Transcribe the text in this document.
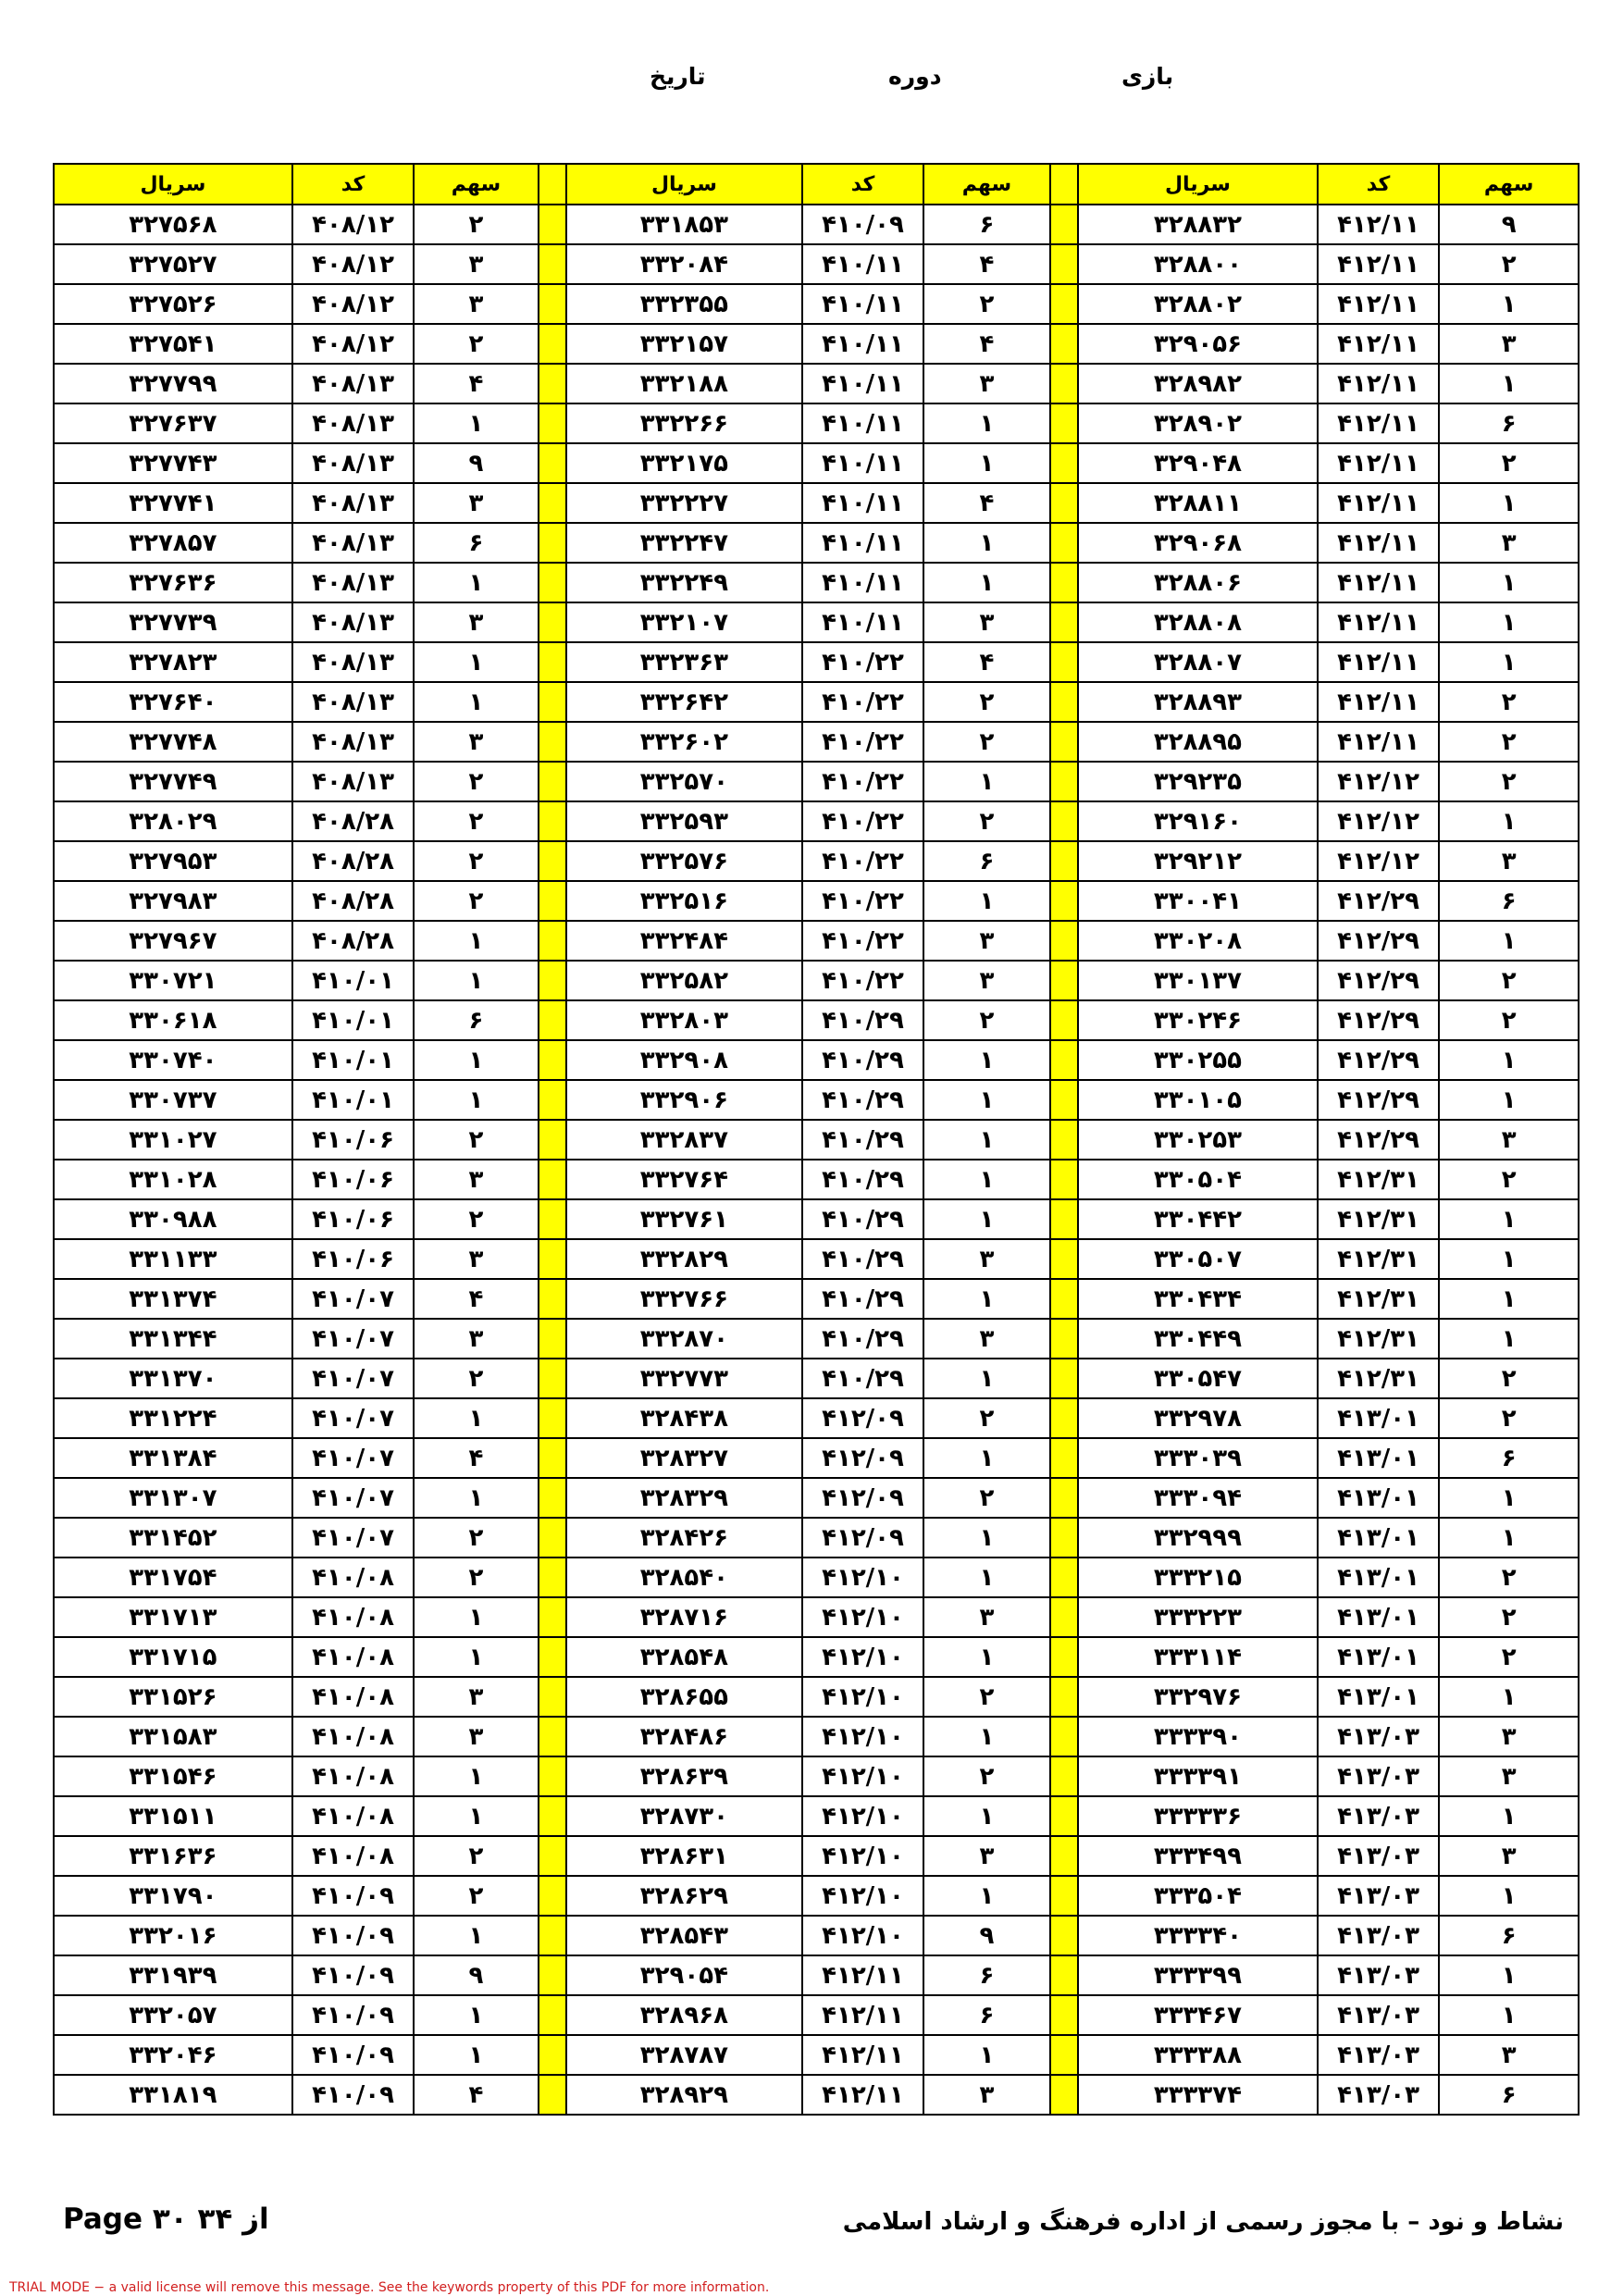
بازی
دوره
تاریخ
سریال	کد	سهم		سریال	کد	سهم		سریال	کد	سهم
۳۲۷۵۶۸	۴۰۸/۱۲	۲		۳۳۱۸۵۳	۴۱۰/۰۹	۶		۳۲۸۸۳۲	۴۱۲/۱۱	۹
۳۲۷۵۲۷	۴۰۸/۱۲	۳		۳۳۲۰۸۴	۴۱۰/۱۱	۴		۳۲۸۸۰۰	۴۱۲/۱۱	۲
۳۲۷۵۲۶	۴۰۸/۱۲	۳		۳۳۲۳۵۵	۴۱۰/۱۱	۲		۳۲۸۸۰۲	۴۱۲/۱۱	۱
۳۲۷۵۴۱	۴۰۸/۱۲	۲		۳۳۲۱۵۷	۴۱۰/۱۱	۴		۳۲۹۰۵۶	۴۱۲/۱۱	۳
۳۲۷۷۹۹	۴۰۸/۱۳	۴		۳۳۲۱۸۸	۴۱۰/۱۱	۳		۳۲۸۹۸۲	۴۱۲/۱۱	۱
۳۲۷۶۳۷	۴۰۸/۱۳	۱		۳۳۲۲۶۶	۴۱۰/۱۱	۱		۳۲۸۹۰۲	۴۱۲/۱۱	۶
۳۲۷۷۴۳	۴۰۸/۱۳	۹		۳۳۲۱۷۵	۴۱۰/۱۱	۱		۳۲۹۰۴۸	۴۱۲/۱۱	۲
۳۲۷۷۴۱	۴۰۸/۱۳	۳		۳۳۲۲۲۷	۴۱۰/۱۱	۴		۳۲۸۸۱۱	۴۱۲/۱۱	۱
۳۲۷۸۵۷	۴۰۸/۱۳	۶		۳۳۲۲۴۷	۴۱۰/۱۱	۱		۳۲۹۰۶۸	۴۱۲/۱۱	۳
۳۲۷۶۳۶	۴۰۸/۱۳	۱		۳۳۲۲۴۹	۴۱۰/۱۱	۱		۳۲۸۸۰۶	۴۱۲/۱۱	۱
۳۲۷۷۳۹	۴۰۸/۱۳	۳		۳۳۲۱۰۷	۴۱۰/۱۱	۳		۳۲۸۸۰۸	۴۱۲/۱۱	۱
۳۲۷۸۲۳	۴۰۸/۱۳	۱		۳۳۲۳۶۳	۴۱۰/۲۲	۴		۳۲۸۸۰۷	۴۱۲/۱۱	۱
۳۲۷۶۴۰	۴۰۸/۱۳	۱		۳۳۲۶۴۲	۴۱۰/۲۲	۲		۳۲۸۸۹۳	۴۱۲/۱۱	۲
۳۲۷۷۴۸	۴۰۸/۱۳	۳		۳۳۲۶۰۲	۴۱۰/۲۲	۲		۳۲۸۸۹۵	۴۱۲/۱۱	۲
۳۲۷۷۴۹	۴۰۸/۱۳	۲		۳۳۲۵۷۰	۴۱۰/۲۲	۱		۳۲۹۲۳۵	۴۱۲/۱۲	۲
۳۲۸۰۲۹	۴۰۸/۲۸	۲		۳۳۲۵۹۳	۴۱۰/۲۲	۲		۳۲۹۱۶۰	۴۱۲/۱۲	۱
۳۲۷۹۵۳	۴۰۸/۲۸	۲		۳۳۲۵۷۶	۴۱۰/۲۲	۶		۳۲۹۲۱۲	۴۱۲/۱۲	۳
۳۲۷۹۸۳	۴۰۸/۲۸	۲		۳۳۲۵۱۶	۴۱۰/۲۲	۱		۳۳۰۰۴۱	۴۱۲/۲۹	۶
۳۲۷۹۶۷	۴۰۸/۲۸	۱		۳۳۲۴۸۴	۴۱۰/۲۲	۳		۳۳۰۲۰۸	۴۱۲/۲۹	۱
۳۳۰۷۲۱	۴۱۰/۰۱	۱		۳۳۲۵۸۲	۴۱۰/۲۲	۳		۳۳۰۱۳۷	۴۱۲/۲۹	۲
۳۳۰۶۱۸	۴۱۰/۰۱	۶		۳۳۲۸۰۳	۴۱۰/۲۹	۲		۳۳۰۲۴۶	۴۱۲/۲۹	۲
۳۳۰۷۴۰	۴۱۰/۰۱	۱		۳۳۲۹۰۸	۴۱۰/۲۹	۱		۳۳۰۲۵۵	۴۱۲/۲۹	۱
۳۳۰۷۳۷	۴۱۰/۰۱	۱		۳۳۲۹۰۶	۴۱۰/۲۹	۱		۳۳۰۱۰۵	۴۱۲/۲۹	۱
۳۳۱۰۲۷	۴۱۰/۰۶	۲		۳۳۲۸۳۷	۴۱۰/۲۹	۱		۳۳۰۲۵۳	۴۱۲/۲۹	۳
۳۳۱۰۲۸	۴۱۰/۰۶	۳		۳۳۲۷۶۴	۴۱۰/۲۹	۱		۳۳۰۵۰۴	۴۱۲/۳۱	۲
۳۳۰۹۸۸	۴۱۰/۰۶	۲		۳۳۲۷۶۱	۴۱۰/۲۹	۱		۳۳۰۴۴۲	۴۱۲/۳۱	۱
۳۳۱۱۳۳	۴۱۰/۰۶	۳		۳۳۲۸۲۹	۴۱۰/۲۹	۳		۳۳۰۵۰۷	۴۱۲/۳۱	۱
۳۳۱۳۷۴	۴۱۰/۰۷	۴		۳۳۲۷۶۶	۴۱۰/۲۹	۱		۳۳۰۴۳۴	۴۱۲/۳۱	۱
۳۳۱۳۴۴	۴۱۰/۰۷	۳		۳۳۲۸۷۰	۴۱۰/۲۹	۳		۳۳۰۴۴۹	۴۱۲/۳۱	۱
۳۳۱۳۷۰	۴۱۰/۰۷	۲		۳۳۲۷۷۳	۴۱۰/۲۹	۱		۳۳۰۵۴۷	۴۱۲/۳۱	۲
۳۳۱۲۲۴	۴۱۰/۰۷	۱		۳۲۸۴۳۸	۴۱۲/۰۹	۲		۳۳۲۹۷۸	۴۱۳/۰۱	۲
۳۳۱۳۸۴	۴۱۰/۰۷	۴		۳۲۸۳۲۷	۴۱۲/۰۹	۱		۳۳۳۰۳۹	۴۱۳/۰۱	۶
۳۳۱۳۰۷	۴۱۰/۰۷	۱		۳۲۸۳۲۹	۴۱۲/۰۹	۲		۳۳۳۰۹۴	۴۱۳/۰۱	۱
۳۳۱۴۵۲	۴۱۰/۰۷	۲		۳۲۸۴۲۶	۴۱۲/۰۹	۱		۳۳۲۹۹۹	۴۱۳/۰۱	۱
۳۳۱۷۵۴	۴۱۰/۰۸	۲		۳۲۸۵۴۰	۴۱۲/۱۰	۱		۳۳۳۲۱۵	۴۱۳/۰۱	۲
۳۳۱۷۱۳	۴۱۰/۰۸	۱		۳۲۸۷۱۶	۴۱۲/۱۰	۳		۳۳۳۲۲۳	۴۱۳/۰۱	۲
۳۳۱۷۱۵	۴۱۰/۰۸	۱		۳۲۸۵۴۸	۴۱۲/۱۰	۱		۳۳۳۱۱۴	۴۱۳/۰۱	۲
۳۳۱۵۲۶	۴۱۰/۰۸	۳		۳۲۸۶۵۵	۴۱۲/۱۰	۲		۳۳۲۹۷۶	۴۱۳/۰۱	۱
۳۳۱۵۸۳	۴۱۰/۰۸	۳		۳۲۸۴۸۶	۴۱۲/۱۰	۱		۳۳۳۳۹۰	۴۱۳/۰۳	۳
۳۳۱۵۴۶	۴۱۰/۰۸	۱		۳۲۸۶۳۹	۴۱۲/۱۰	۲		۳۳۳۳۹۱	۴۱۳/۰۳	۳
۳۳۱۵۱۱	۴۱۰/۰۸	۱		۳۲۸۷۳۰	۴۱۲/۱۰	۱		۳۳۳۳۳۶	۴۱۳/۰۳	۱
۳۳۱۶۳۶	۴۱۰/۰۸	۲		۳۲۸۶۳۱	۴۱۲/۱۰	۳		۳۳۳۴۹۹	۴۱۳/۰۳	۳
۳۳۱۷۹۰	۴۱۰/۰۹	۲		۳۲۸۶۲۹	۴۱۲/۱۰	۱		۳۳۳۵۰۴	۴۱۳/۰۳	۱
۳۳۲۰۱۶	۴۱۰/۰۹	۱		۳۲۸۵۴۳	۴۱۲/۱۰	۹		۳۳۳۳۴۰	۴۱۳/۰۳	۶
۳۳۱۹۳۹	۴۱۰/۰۹	۹		۳۲۹۰۵۴	۴۱۲/۱۱	۶		۳۳۳۳۹۹	۴۱۳/۰۳	۱
۳۳۲۰۵۷	۴۱۰/۰۹	۱		۳۲۸۹۶۸	۴۱۲/۱۱	۶		۳۳۳۴۶۷	۴۱۳/۰۳	۱
۳۳۲۰۴۶	۴۱۰/۰۹	۱		۳۲۸۷۸۷	۴۱۲/۱۱	۱		۳۳۳۳۸۸	۴۱۳/۰۳	۳
۳۳۱۸۱۹	۴۱۰/۰۹	۴		۳۲۸۹۲۹	۴۱۲/۱۱	۳		۳۳۳۳۷۴	۴۱۳/۰۳	۶
نشاط و نود – با مجوز رسمی از اداره فرهنگ و ارشاد اسلامی
Page ۳۰ ۳۴ از
TRIAL MODE − a valid license will remove this message. See the keywords property of this PDF for more information.
